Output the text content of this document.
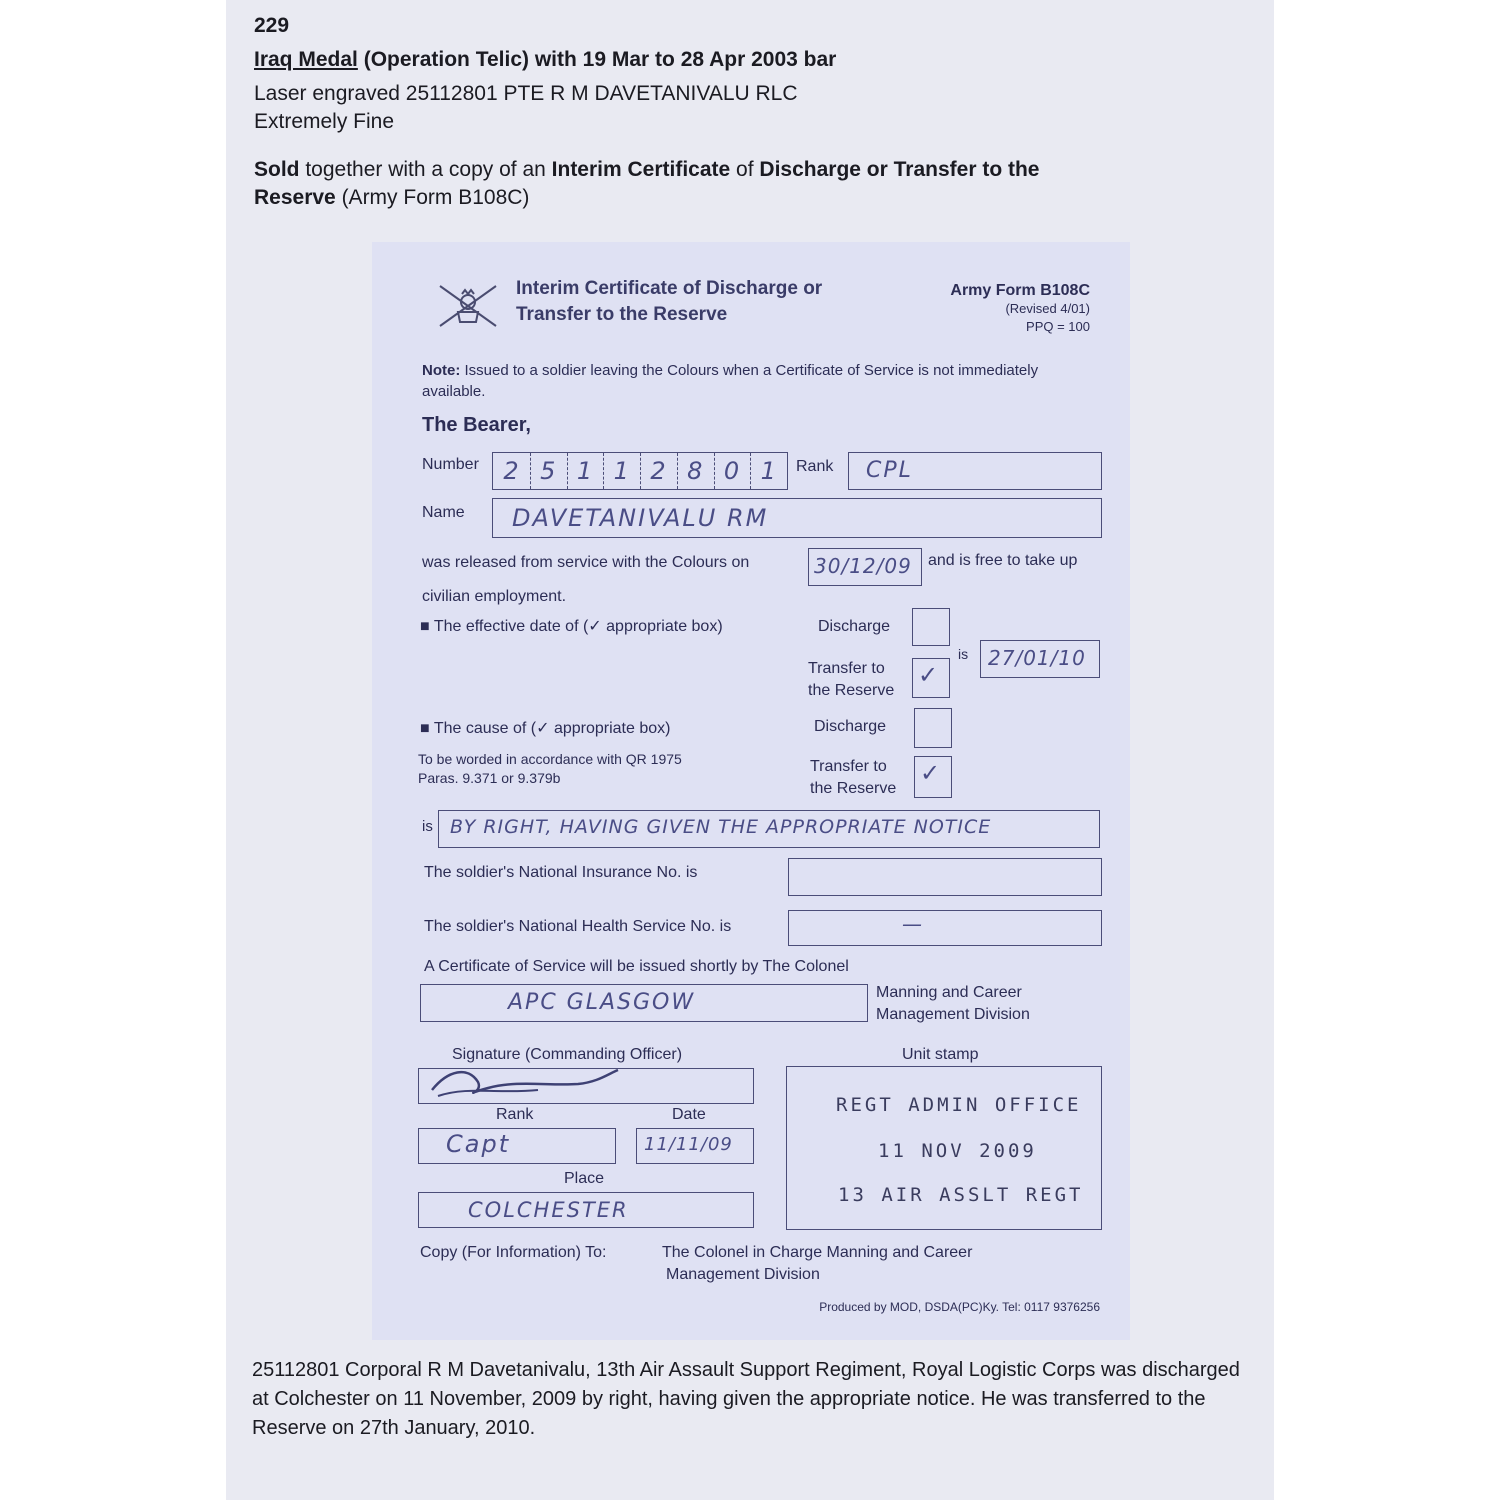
229
Iraq Medal (Operation Telic) with 19 Mar to 28 Apr 2003 bar
Laser engraved 25112801 PTE R M DAVETANIVALU RLC
Extremely Fine
Sold together with a copy of an Interim Certificate of Discharge or Transfer to the
Reserve (Army Form B108C)
Interim Certificate of Discharge or
Transfer to the Reserve
Army Form B108C
(Revised 4/01)
PPQ = 100
Note: Issued to a soldier leaving the Colours when a Certificate of Service is not immediately available.
The Bearer,
Number 2 5 1 1 2 8 0 1 Rank CPL
Name DAVETANIVALU RM
was released from service with the Colours on	30/12/09 and is free to take up
civilian employment.
■ The effective date of (✓ appropriate box)	Discharge
Transfer to
the Reserve
✓
is 27/01/10
■ The cause of (✓ appropriate box)	Discharge
To be worded in accordance with QR 1975
Paras. 9.371 or 9.379b
Transfer to
the Reserve
✓
is BY RIGHT, HAVING GIVEN THE APPROPRIATE NOTICE
The soldier's National Insurance No. is
The soldier's National Health Service No. is	—
A Certificate of Service will be issued shortly by The Colonel
APC GLASGOW	Manning and Career
Management Division
Signature (Commanding Officer)	Unit stamp
Rank	Date
Capt	11/11/09
Place
COLCHESTER
REGT ADMIN OFFICE
11 NOV 2009
13 AIR ASSLT REGT
Copy (For Information) To:	The Colonel in Charge Manning and Career
Management Division
Produced by MOD, DSDA(PC)Ky. Tel: 0117 9376256
25112801 Corporal R M Davetanivalu, 13th Air Assault Support Regiment, Royal Logistic Corps was discharged at Colchester on 11 November, 2009 by right, having given the appropriate notice. He was transferred to the Reserve on 27th January, 2010.
